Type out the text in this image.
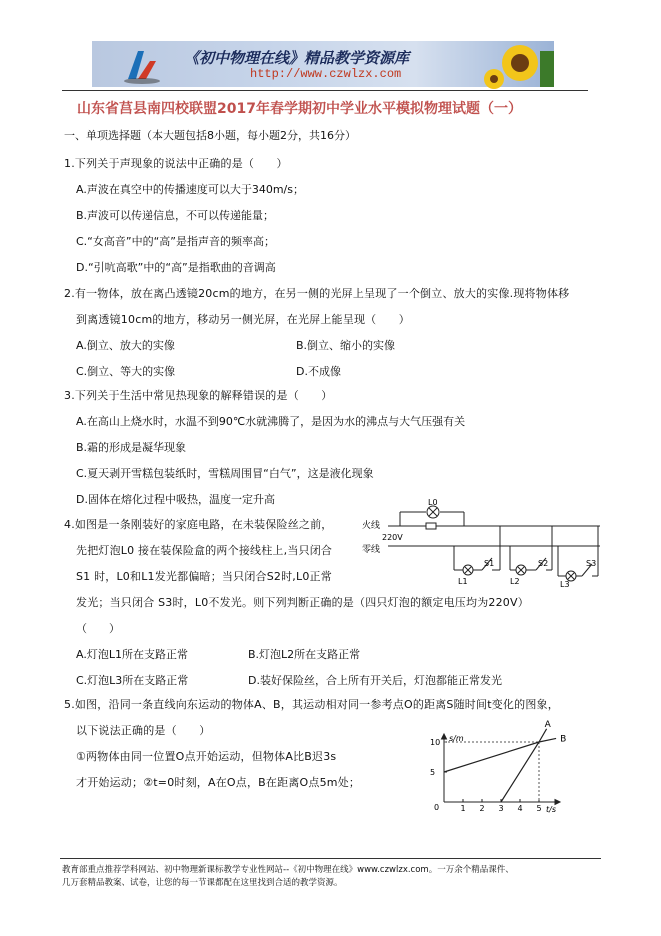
《初中物理在线》精品教学资源库
http://www.czwlzx.com
山东省莒县南四校联盟2017年春学期初中学业水平模拟物理试题（一）
一、单项选择题（本大题包括8小题，每小题2分，共16分）
1.下列关于声现象的说法中正确的是（　　）
A.声波在真空中的传播速度可以大于340m/s；
B.声波可以传递信息，不可以传递能量；
C.“女高音”中的“高”是指声音的频率高；
D.“引吭高歌”中的“高”是指歌曲的音调高
2.有一物体，放在离凸透镜20cm的地方，在另一侧的光屏上呈现了一个倒立、放大的实像.现将物体移
到离透镜10cm的地方，移动另一侧光屏，在光屏上能呈现（　　）
A.倒立、放大的实像	B.倒立、缩小的实像
C.倒立、等大的实像	D.不成像
3.下列关于生活中常见热现象的解释错误的是（　　）
A.在高山上烧水时，水温不到90℃水就沸腾了，是因为水的沸点与大气压强有关
B.霜的形成是凝华现象
C.夏天剥开雪糕包装纸时，雪糕周围冒“白气”，这是液化现象
D.固体在熔化过程中吸热，温度一定升高
4.如图是一条刚装好的家庭电路，在未装保险丝之前，
先把灯泡L0 接在装保险盒的两个接线柱上,当只闭合
S1 时，L0和L1发光都偏暗；当只闭合S2时,L0正常
发光；当只闭合 S3时，L0不发光。则下列判断正确的是（四只灯泡的额定电压均为220V）
（　　）
A.灯泡L1所在支路正常	B.灯泡L2所在支路正常
C.灯泡L3所在支路正常	D.装好保险丝，合上所有开关后，灯泡都能正常发光
火线
零线
220V
L0
L1
S1
L2
S2
L3
S3
5.如图，沿同一条直线向东运动的物体A、B，其运动相对同一参考点O的距离S随时间t变化的图象，
以下说法正确的是（　　）
①两物体由同一位置O点开始运动，但物体A比B迟3s
才开始运动；②t=0时刻，A在O点，B在距离O点5m处；
s/m
t/s
0	1 2 3 4 5
5
10
A
B
教育部重点推荐学科网站、初中物理新课标教学专业性网站--《初中物理在线》www.czwlzx.com。一万余个精品课件、
几万套精品教案、试卷，让您的每一节课都配在这里找到合适的教学资源。
